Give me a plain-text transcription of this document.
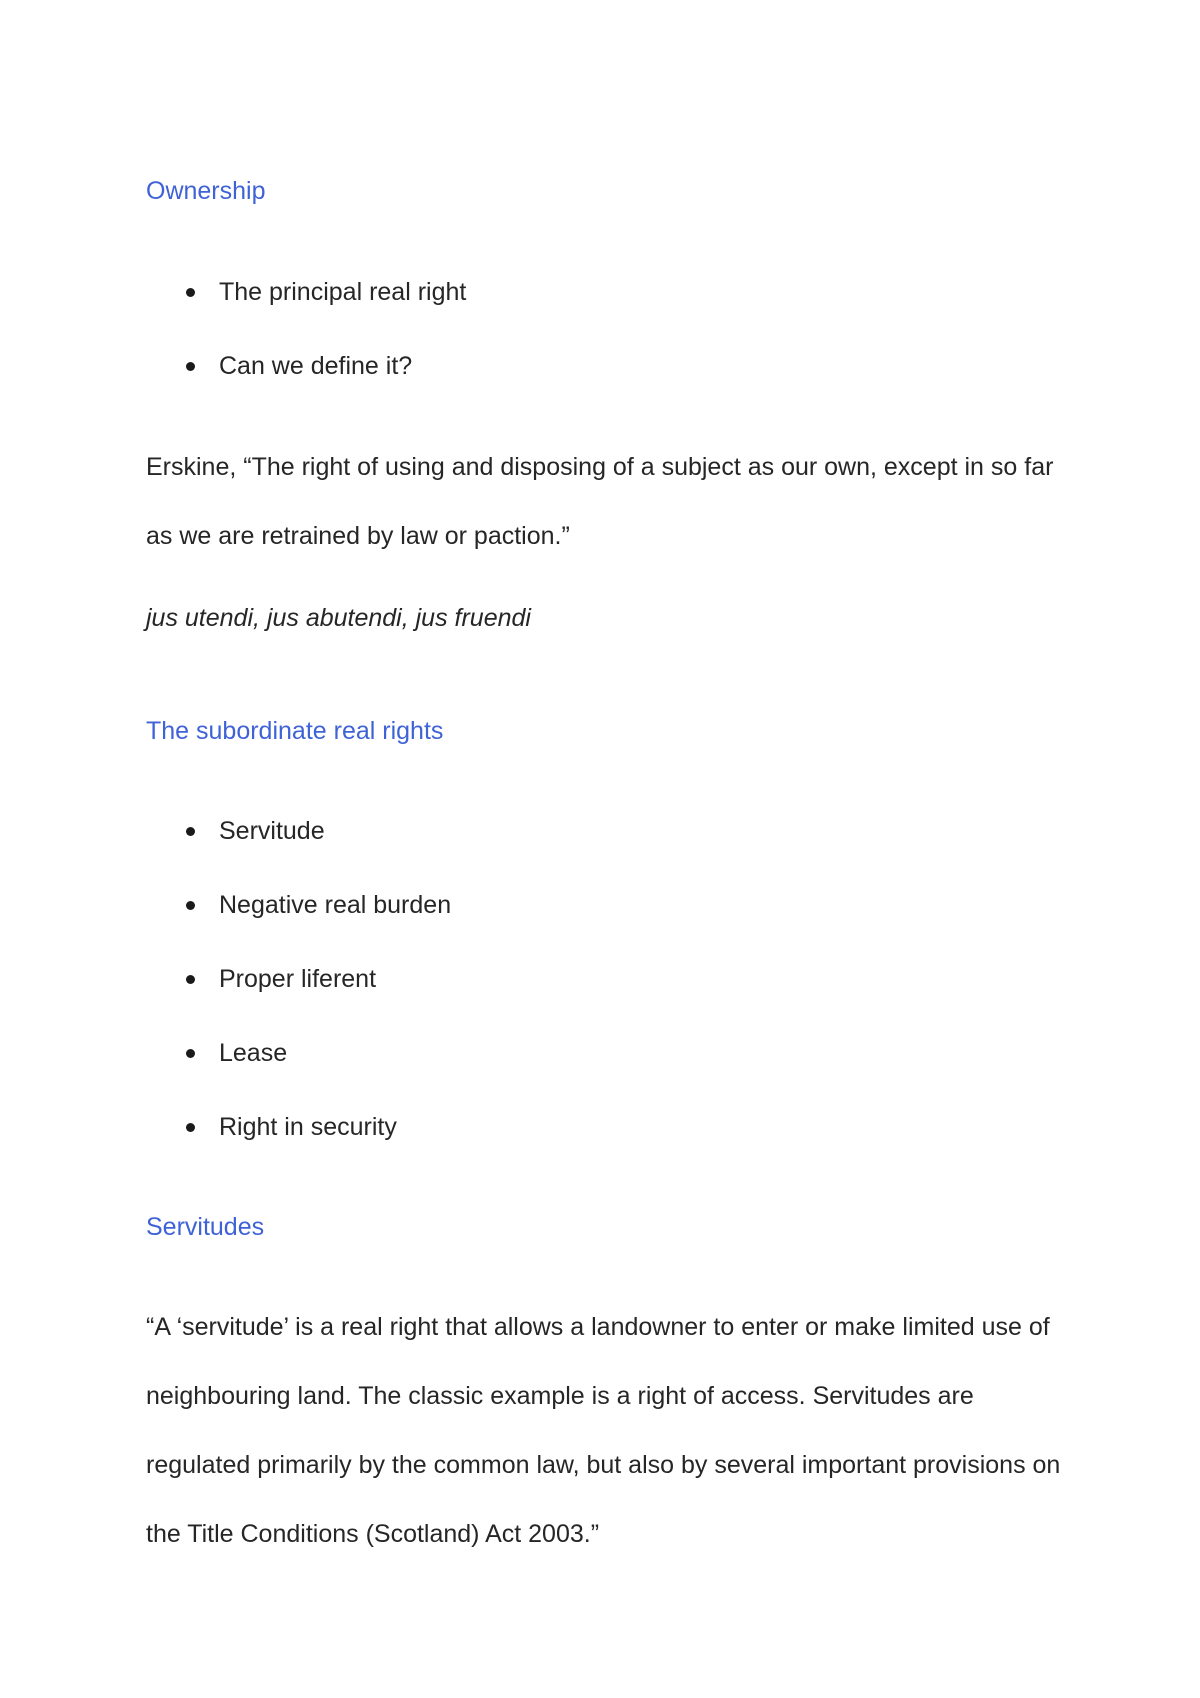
Ownership
The principal real right
Can we define it?

Erskine, “The right of using and disposing of a subject as our own, except in so far as we are retrained by law or paction.”

jus utendi, jus abutendi, jus fruendi

The subordinate real rights
Servitude
Negative real burden
Proper liferent
Lease
Right in security
Servitudes

“A ‘servitude’ is a real right that allows a landowner to enter or make limited use of neighbouring land. The classic example is a right of access. Servitudes are regulated primarily by the common law, but also by several important provisions on the Title Conditions (Scotland) Act 2003.”
